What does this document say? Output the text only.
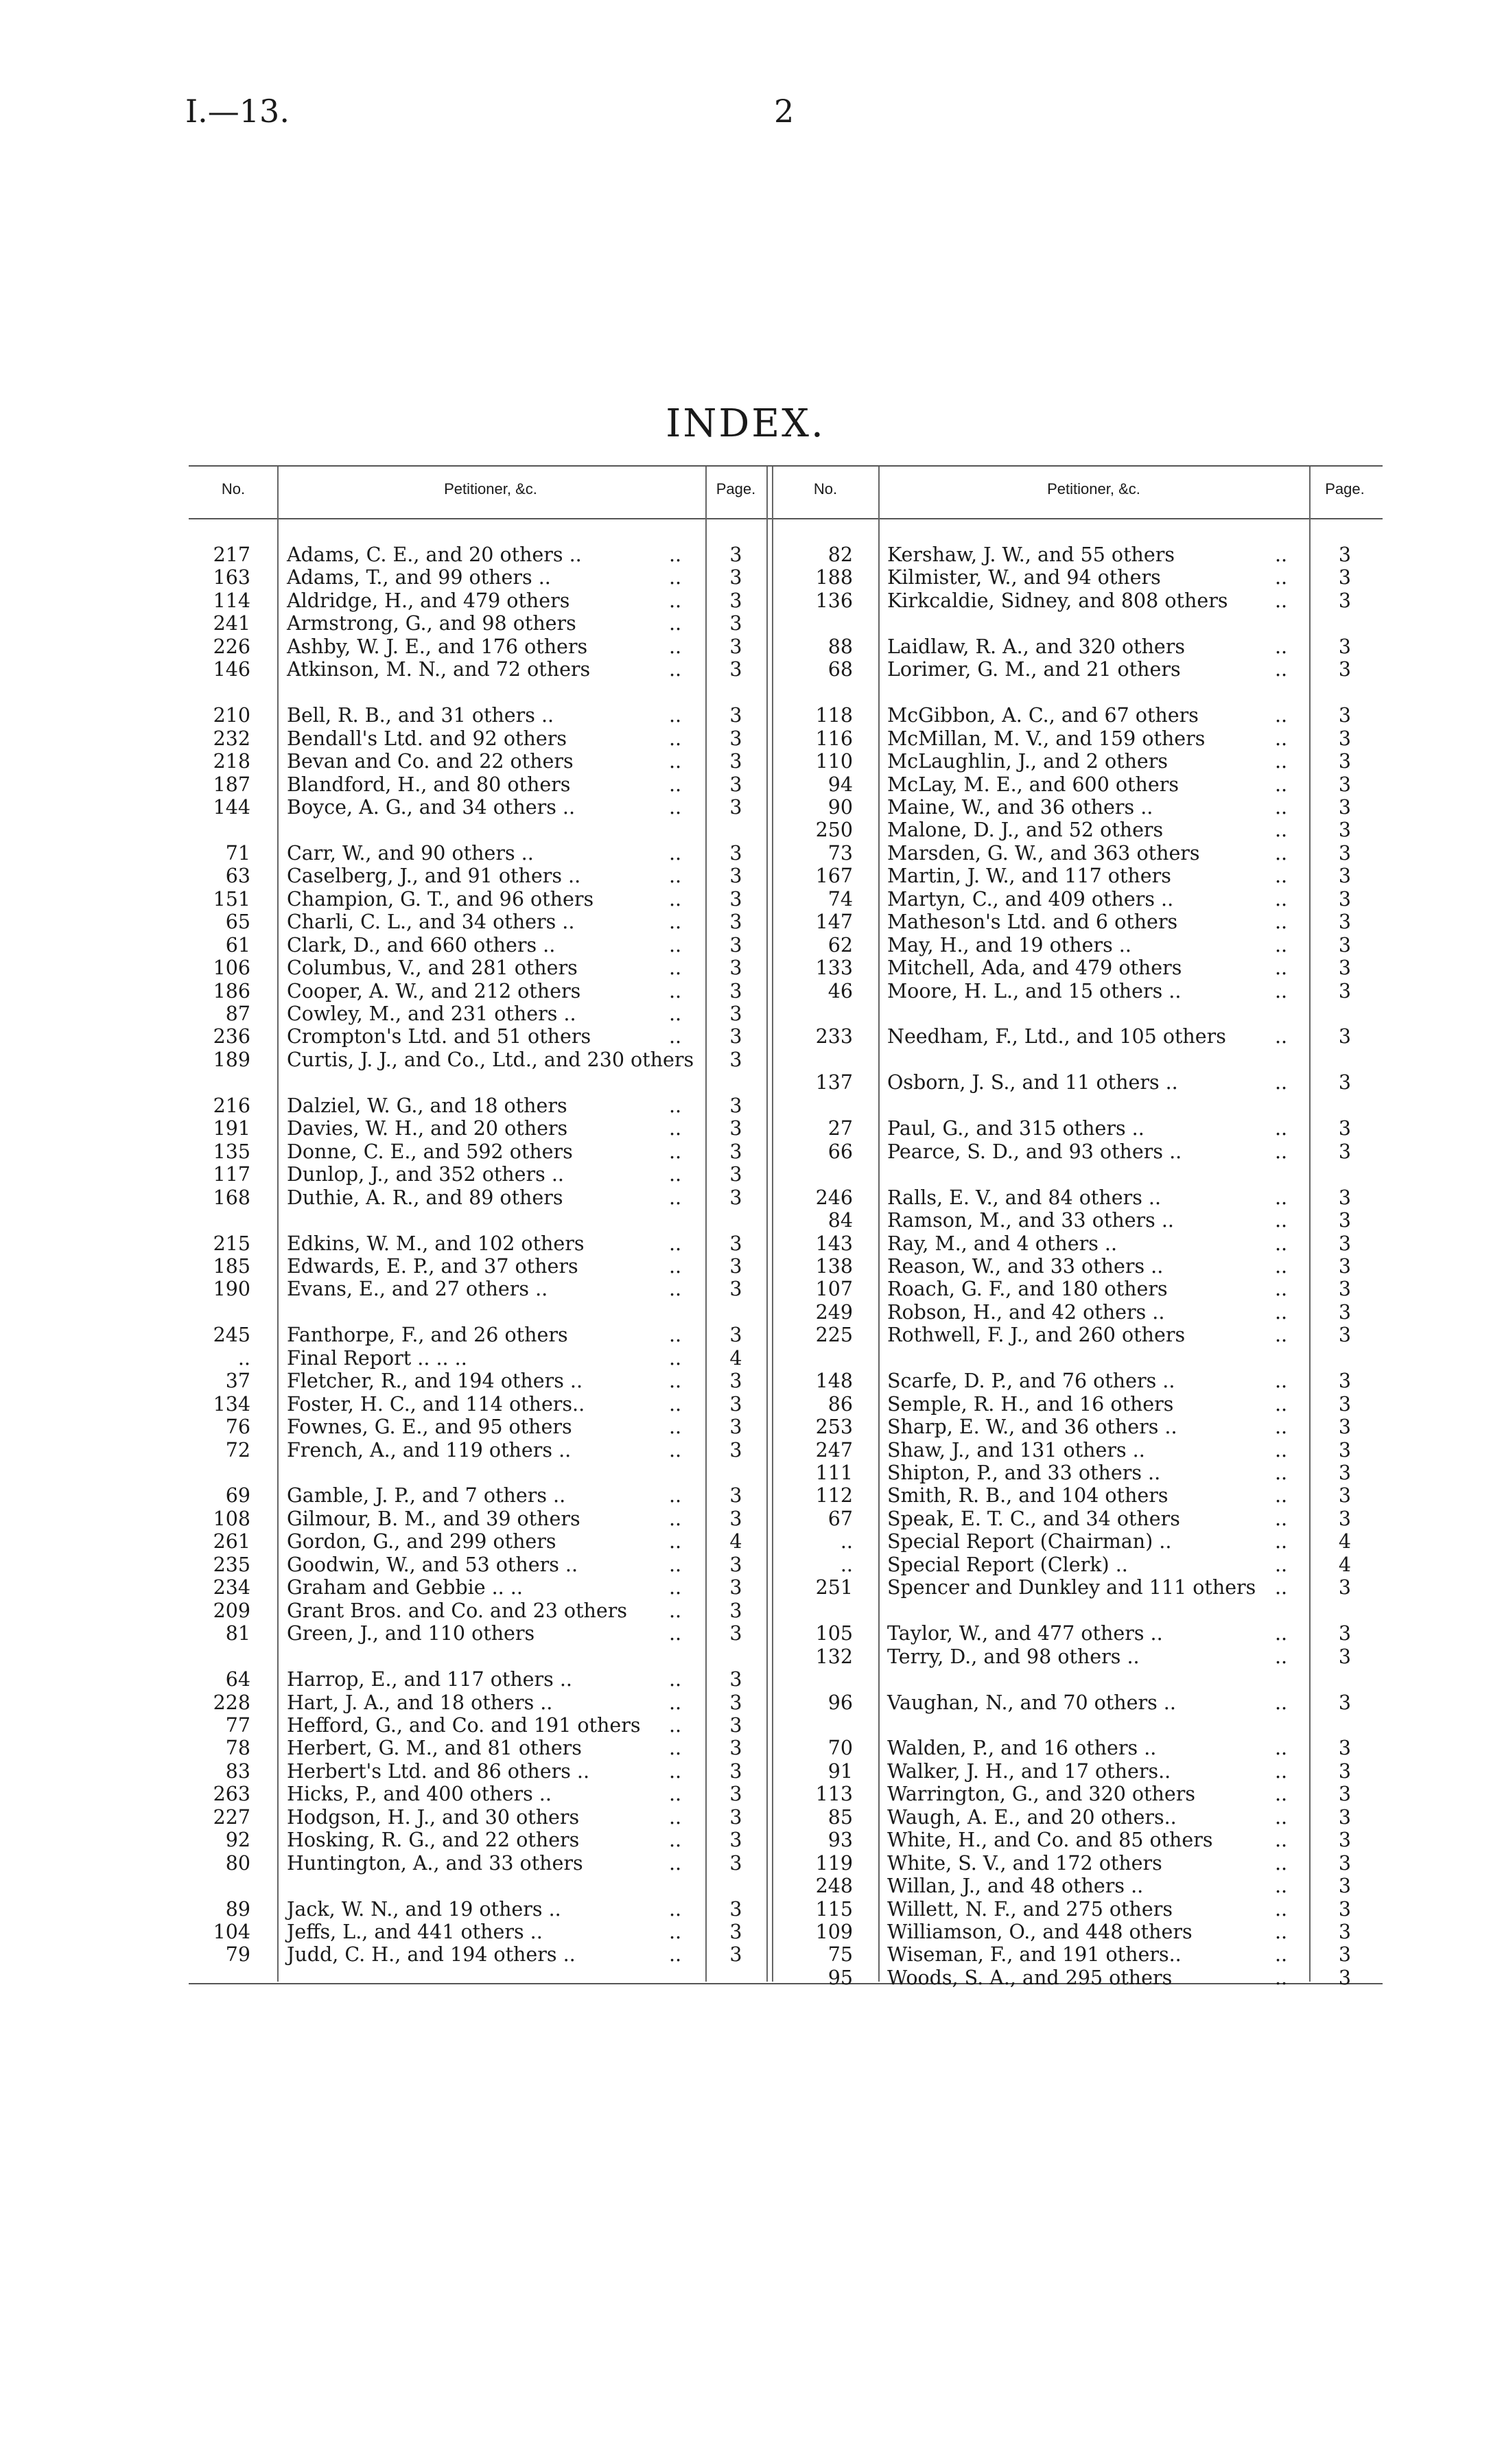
I.—13.	2
INDEX.
No.	Petitioner, &c.	Page.	No.	Petitioner, &c.	Page.
217 Adams, C. E., and 20 others ..	..	3
163 Adams, T., and 99 others ..	..	3
114 Aldridge, H., and 479 others	..	3
241 Armstrong, G., and 98 others	..	3
226 Ashby, W. J. E., and 176 others	..	3
146 Atkinson, M. N., and 72 others	..	3
210 Bell, R. B., and 31 others ..	..	3
232 Bendall's Ltd. and 92 others	..	3
218 Bevan and Co. and 22 others	..	3
187 Blandford, H., and 80 others	..	3
144 Boyce, A. G., and 34 others ..	..	3
71 Carr, W., and 90 others ..	..	3
63 Caselberg, J., and 91 others ..	..	3
151 Champion, G. T., and 96 others	..	3
65 Charli, C. L., and 34 others ..	..	3
61 Clark, D., and 660 others ..	..	3
106 Columbus, V., and 281 others	..	3
186 Cooper, A. W., and 212 others	..	3
87 Cowley, M., and 231 others ..	..	3
236 Crompton's Ltd. and 51 others	..	3
189 Curtis, J. J., and Co., Ltd., and 230 others	3
216 Dalziel, W. G., and 18 others	..	3
191 Davies, W. H., and 20 others	..	3
135 Donne, C. E., and 592 others	..	3
117 Dunlop, J., and 352 others ..	..	3
168 Duthie, A. R., and 89 others	..	3
215 Edkins, W. M., and 102 others	..	3
185 Edwards, E. P., and 37 others	..	3
190 Evans, E., and 27 others ..	..	3
245 Fanthorpe, F., and 26 others	..	3
.. Final Report .. .. ..	..	4
37 Fletcher, R., and 194 others ..	..	3
134 Foster, H. C., and 114 others..	..	3
76 Fownes, G. E., and 95 others	..	3
72 French, A., and 119 others ..	..	3
69 Gamble, J. P., and 7 others ..	..	3
108 Gilmour, B. M., and 39 others	..	3
261 Gordon, G., and 299 others	..	4
235 Goodwin, W., and 53 others ..	..	3
234 Graham and Gebbie .. ..	..	3
209 Grant Bros. and Co. and 23 others	..	3
81 Green, J., and 110 others	..	3
64 Harrop, E., and 117 others ..	..	3
228 Hart, J. A., and 18 others ..	..	3
77 Hefford, G., and Co. and 191 others	..	3
78 Herbert, G. M., and 81 others	..	3
83 Herbert's Ltd. and 86 others ..	..	3
263 Hicks, P., and 400 others ..	..	3
227 Hodgson, H. J., and 30 others	..	3
92 Hosking, R. G., and 22 others	..	3
80 Huntington, A., and 33 others	..	3
89 Jack, W. N., and 19 others ..	..	3
104 Jeffs, L., and 441 others ..	..	3
79 Judd, C. H., and 194 others ..	..	3
82 Kershaw, J. W., and 55 others	..	3
188 Kilmister, W., and 94 others	..	3
136 Kirkcaldie, Sidney, and 808 others	..	3
88 Laidlaw, R. A., and 320 others	..	3
68 Lorimer, G. M., and 21 others	..	3
118 McGibbon, A. C., and 67 others	..	3
116 McMillan, M. V., and 159 others	..	3
110 McLaughlin, J., and 2 others	..	3
94 McLay, M. E., and 600 others	..	3
90 Maine, W., and 36 others ..	..	3
250 Malone, D. J., and 52 others	..	3
73 Marsden, G. W., and 363 others	..	3
167 Martin, J. W., and 117 others	..	3
74 Martyn, C., and 409 others ..	..	3
147 Matheson's Ltd. and 6 others	..	3
62 May, H., and 19 others ..	..	3
133 Mitchell, Ada, and 479 others	..	3
46 Moore, H. L., and 15 others ..	..	3
233 Needham, F., Ltd., and 105 others	..	3
137 Osborn, J. S., and 11 others ..	..	3
27 Paul, G., and 315 others ..	..	3
66 Pearce, S. D., and 93 others ..	..	3
246 Ralls, E. V., and 84 others ..	..	3
84 Ramson, M., and 33 others ..	..	3
143 Ray, M., and 4 others ..	..	3
138 Reason, W., and 33 others ..	..	3
107 Roach, G. F., and 180 others	..	3
249 Robson, H., and 42 others ..	..	3
225 Rothwell, F. J., and 260 others	..	3
148 Scarfe, D. P., and 76 others ..	..	3
86 Semple, R. H., and 16 others	..	3
253 Sharp, E. W., and 36 others ..	..	3
247 Shaw, J., and 131 others ..	..	3
111 Shipton, P., and 33 others ..	..	3
112 Smith, R. B., and 104 others	..	3
67 Speak, E. T. C., and 34 others	..	3
.. Special Report (Chairman) ..	..	4
.. Special Report (Clerk) ..	..	4
251 Spencer and Dunkley and 111 others ..	3
105 Taylor, W., and 477 others ..	..	3
132 Terry, D., and 98 others ..	..	3
96 Vaughan, N., and 70 others ..	..	3
70 Walden, P., and 16 others ..	..	3
91 Walker, J. H., and 17 others..	..	3
113 Warrington, G., and 320 others	..	3
85 Waugh, A. E., and 20 others..	..	3
93 White, H., and Co. and 85 others	..	3
119 White, S. V., and 172 others	..	3
248 Willan, J., and 48 others ..	..	3
115 Willett, N. F., and 275 others	..	3
109 Williamson, O., and 448 others	..	3
75 Wiseman, F., and 191 others..	..	3
95 Woods, S. A., and 295 others	..	3
